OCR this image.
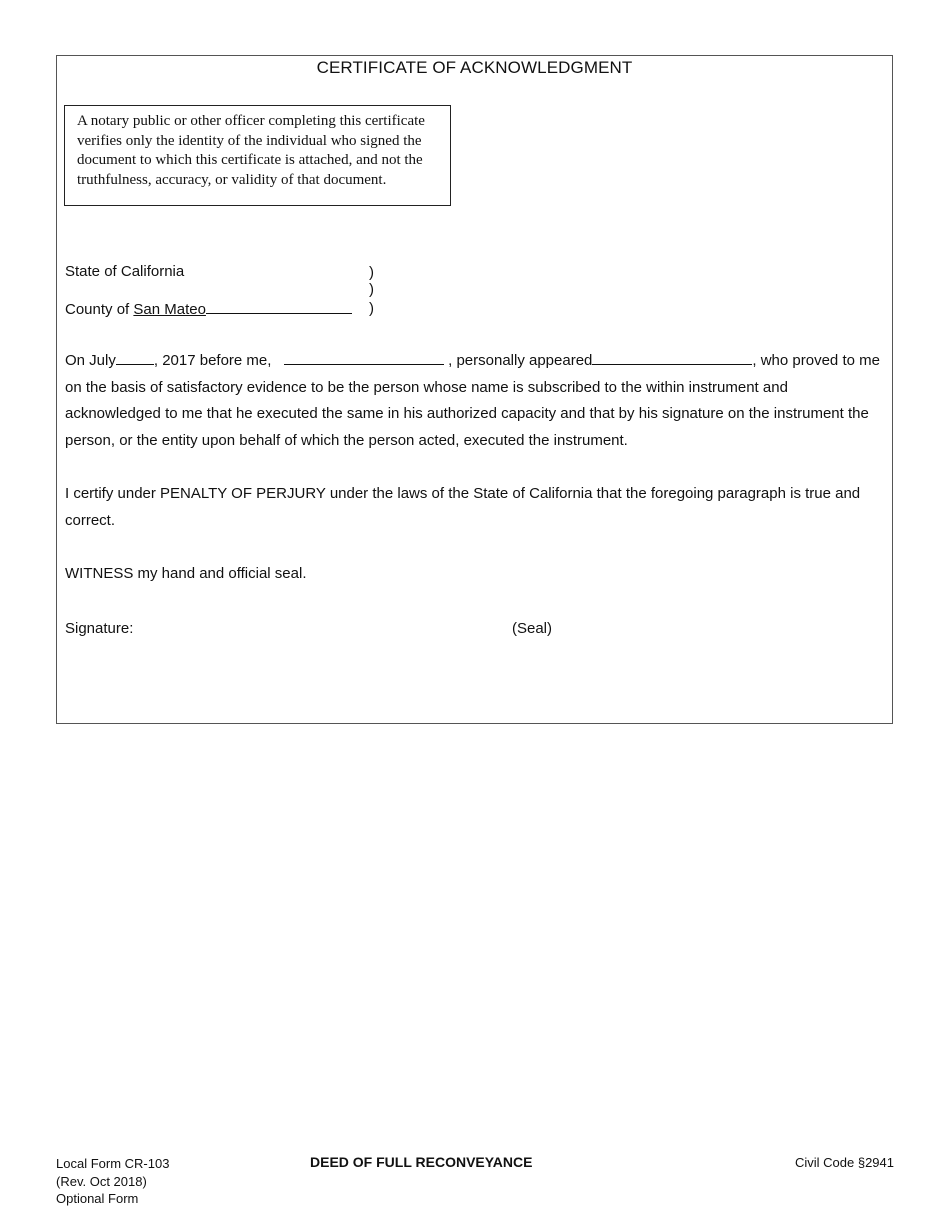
CERTIFICATE OF ACKNOWLEDGMENT
A notary public or other officer completing this certificate verifies only the identity of the individual who signed the document to which this certificate is attached, and not the truthfulness, accuracy, or validity of that document.
State of California	)
)
)
County of San Mateo
On July	, 2017 before me,	, personally appeared	, who proved to me on the basis of satisfactory evidence to be the person whose name is subscribed to the within instrument and acknowledged to me that he executed the same in his authorized capacity and that by his signature on the instrument the person, or the entity upon behalf of which the person acted, executed the instrument.
I certify under PENALTY OF PERJURY under the laws of the State of California that the foregoing paragraph is true and correct.
WITNESS my hand and official seal.
Signature:	(Seal)
Local Form CR-103
(Rev. Oct 2018)
Optional Form
DEED OF FULL RECONVEYANCE	Civil Code §2941
